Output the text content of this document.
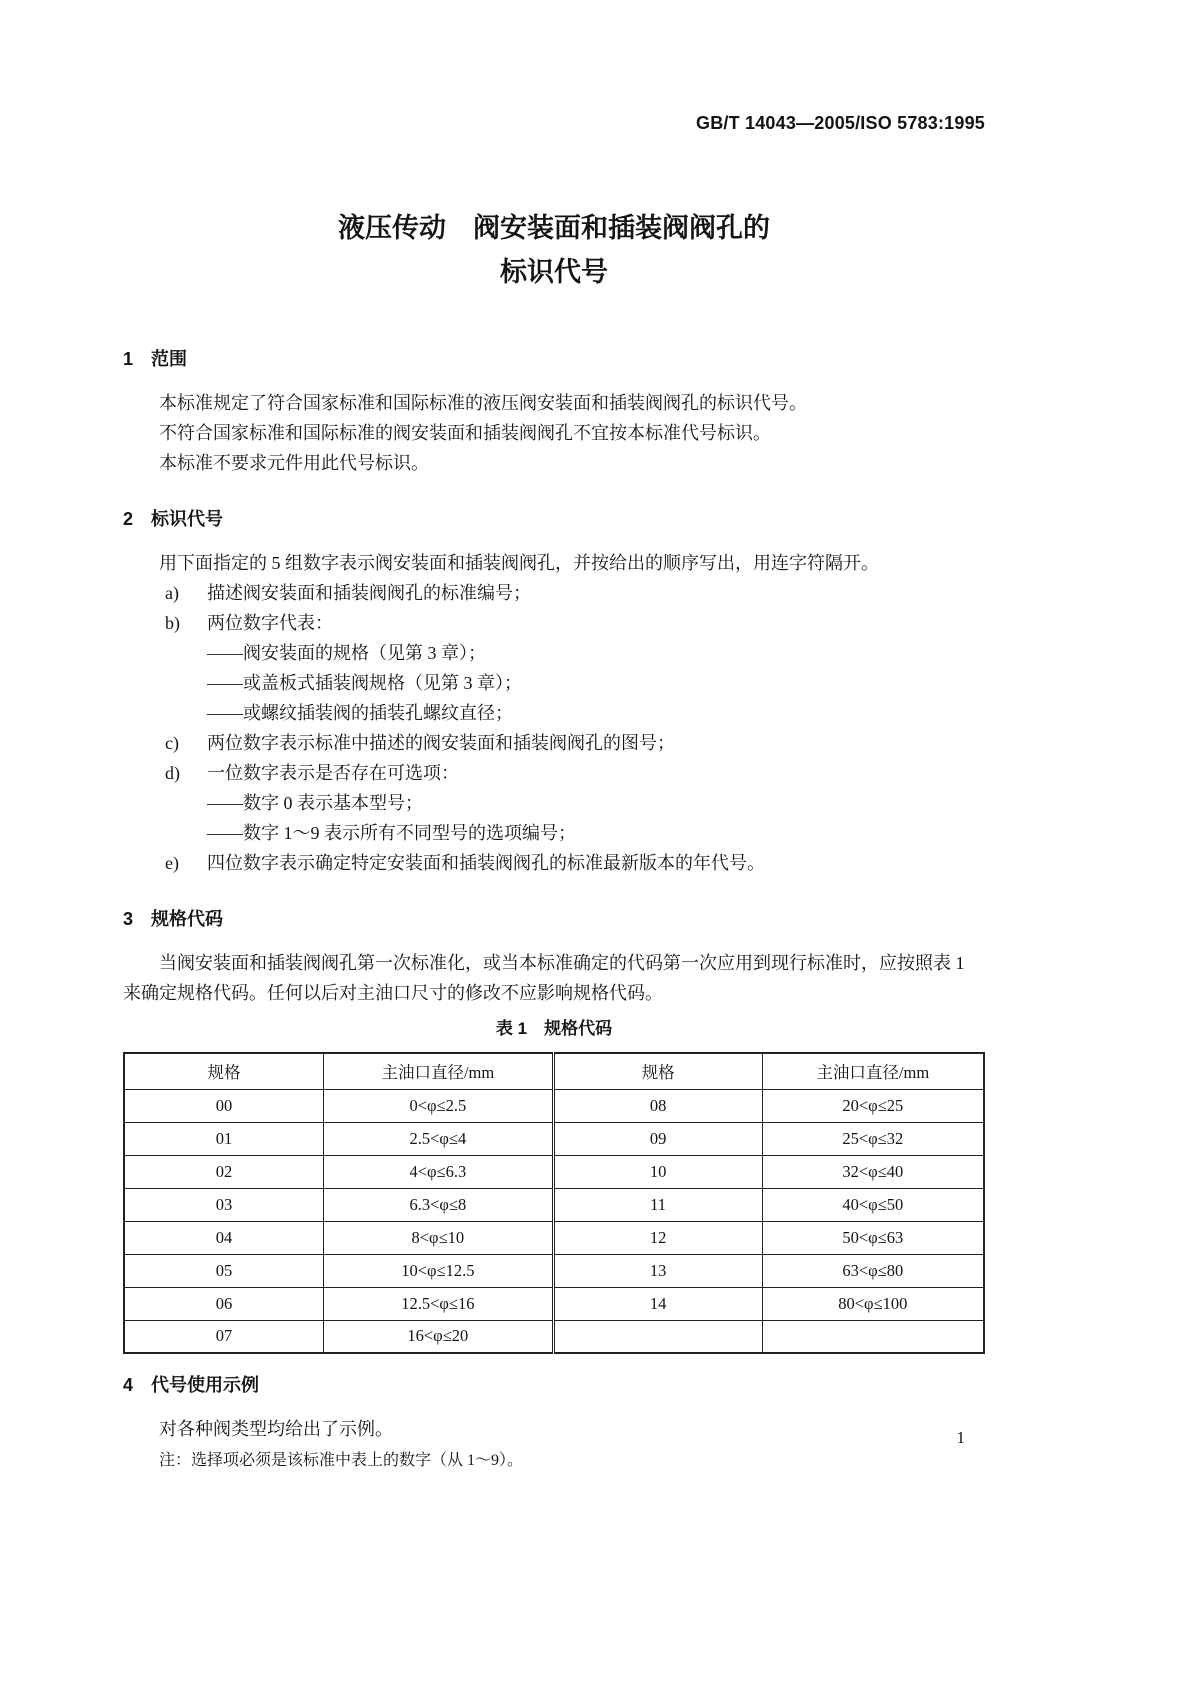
GB/T 14043—2005/ISO 5783:1995
液压传动　阀安装面和插装阀阀孔的
标识代号
1 范围

本标准规定了符合国家标准和国际标准的液压阀安装面和插装阀阀孔的标识代号。

不符合国家标准和国际标准的阀安装面和插装阀阀孔不宜按本标准代号标识。

本标准不要求元件用此代号标识。

2 标识代号

用下面指定的 5 组数字表示阀安装面和插装阀阀孔，并按给出的顺序写出，用连字符隔开。

a) 描述阀安装面和插装阀阀孔的标准编号；
b) 两位数字代表：
——阀安装面的规格（见第 3 章）；
——或盖板式插装阀规格（见第 3 章）；
——或螺纹插装阀的插装孔螺纹直径；
c) 两位数字表示标准中描述的阀安装面和插装阀阀孔的图号；
d) 一位数字表示是否存在可选项：
——数字 0 表示基本型号；
——数字 1～9 表示所有不同型号的选项编号；
e) 四位数字表示确定特定安装面和插装阀阀孔的标准最新版本的年代号。
3 规格代码

当阀安装面和插装阀阀孔第一次标准化，或当本标准确定的代码第一次应用到现行标准时，应按照表 1 来确定规格代码。任何以后对主油口尺寸的修改不应影响规格代码。

表 1　规格代码
规格	主油口直径/mm	规格	主油口直径/mm
00	0<φ≤2.5	08	20<φ≤25
01	2.5<φ≤4	09	25<φ≤32
02	4<φ≤6.3	10	32<φ≤40
03	6.3<φ≤8	11	40<φ≤50
04	8<φ≤10	12	50<φ≤63
05	10<φ≤12.5	13	63<φ≤80
06	12.5<φ≤16	14	80<φ≤100
07	16<φ≤20		
4 代号使用示例

对各种阀类型均给出了示例。

注：选择项必须是该标准中表上的数字（从 1～9）。
1
